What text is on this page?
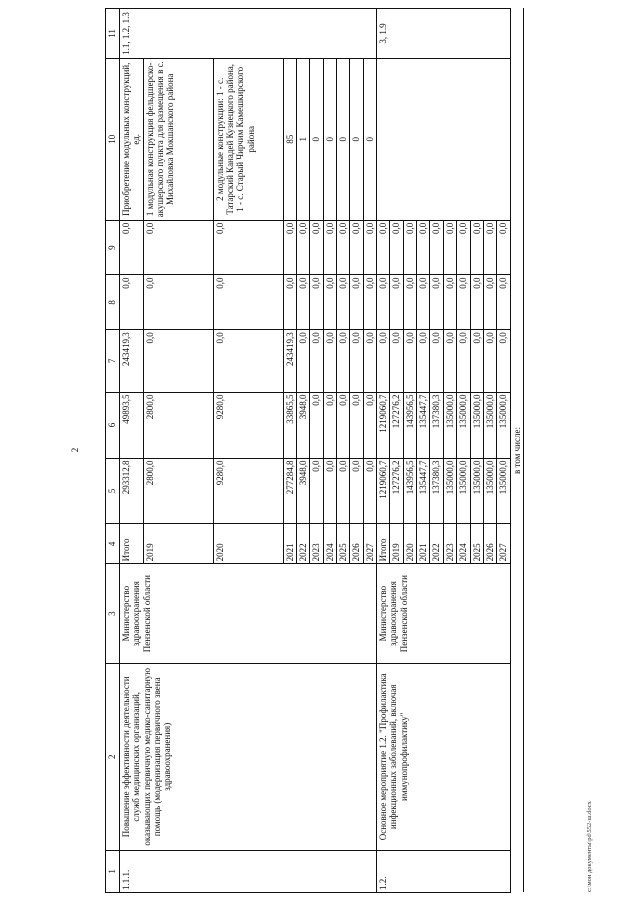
2
1	2	3	4	5	6	7	8	9	10	11
1.1.1.	Повышение эффективности деятельности служб медицинских организаций, оказывающих первичную медико-санитарную помощь (модернизация первичного звена здравоохранения)	Министерство здравоохранения Пензенской области	Итого	293312,8	49893,5	243419,3	0,0	0,0	Приобретение модульных конструкций, ед.	1.1, 1.2, 1.3
			2019	2800,0	2800,0	0,0	0,0	0,0	1 модульная конструкция фельдшерско-акушерского пункта для размещения в с. Михайловка Мокшанского района	
			2020	9280,0	9280,0	0,0	0,0	0,0	2 модульные конструкции: 1 - с. Татарский Канадей Кузнецкого района, 1 - с. Старый Чирчим Камешкирского района	
			2021	277284,8	33865,5	243419,3	0,0	0,0	85	
			2022	3948,0	3948,0	0,0	0,0	0,0	1	
			2023	0,0	0,0	0,0	0,0	0,0	0	
			2024	0,0	0,0	0,0	0,0	0,0	0	
			2025	0,0	0,0	0,0	0,0	0,0	0	
			2026	0,0	0,0	0,0	0,0	0,0	0	
			2027	0,0	0,0	0,0	0,0	0,0	0	
1.2.	Основное мероприятие 1.2. "Профилактика инфекционных заболеваний, включая иммунопрофилактику"	Министерство здравоохранения Пензенской области	Итого	1219060,7	1219060,7	0,0	0,0	0,0		3, 1.9
			2019	127276,2	127276,2	0,0	0,0	0,0		
			2020	143956,5	143956,5	0,0	0,0	0,0		
			2021	135447,7	135447,7	0,0	0,0	0,0		
			2022	137380,3	137380,3	0,0	0,0	0,0		
			2023	135000,0	135000,0	0,0	0,0	0,0		
			2024	135000,0	135000,0	0,0	0,0	0,0		
			2025	135000,0	135000,0	0,0	0,0	0,0		
			2026	135000,0	135000,0	0,0	0,0	0,0		
			2027	135000,0	135000,0	0,0	0,0	0,0		
в том числе:										
c:\мои документы\pd\552-ш.docx
